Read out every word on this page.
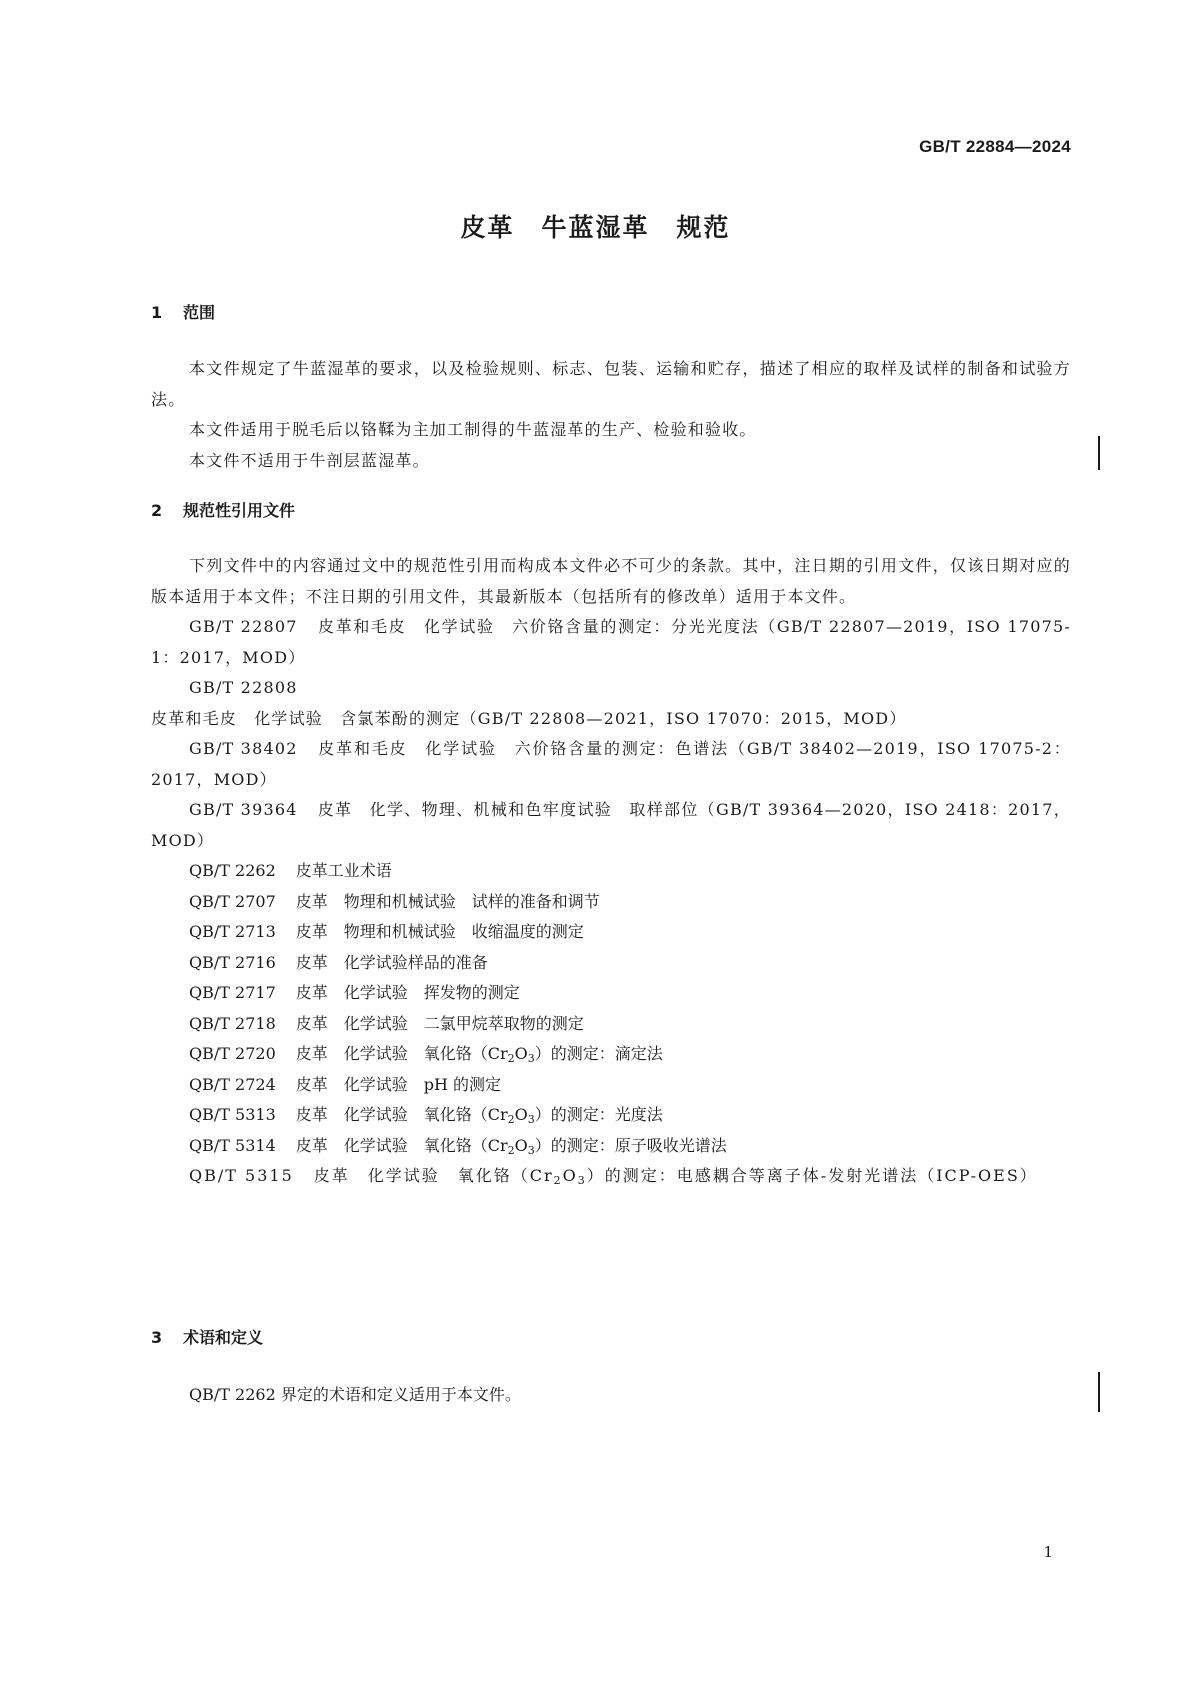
GB/T 22884—2024
皮革　牛蓝湿革　规范
1 范围

本文件规定了牛蓝湿革的要求，以及检验规则、标志、包装、运输和贮存，描述了相应的取样及试样的制备和试验方法。

本文件适用于脱毛后以铬鞣为主加工制得的牛蓝湿革的生产、检验和验收。

本文件不适用于牛剖层蓝湿革。

2 规范性引用文件

下列文件中的内容通过文中的规范性引用而构成本文件必不可少的条款。其中，注日期的引用文件，仅该日期对应的版本适用于本文件；不注日期的引用文件，其最新版本（包括所有的修改单）适用于本文件。

GB/T 22807 皮革和毛皮　化学试验　六价铬含量的测定：分光光度法（GB/T 22807—2019，ISO 17075-1：2017，MOD）

GB/T 22808皮革和毛皮　化学试验　含氯苯酚的测定（GB/T 22808—2021，ISO 17070：2015，MOD）

GB/T 38402 皮革和毛皮　化学试验　六价铬含量的测定：色谱法（GB/T 38402—2019，ISO 17075-2：2017，MOD）

GB/T 39364 皮革　化学、物理、机械和色牢度试验　取样部位（GB/T 39364—2020，ISO 2418：2017，MOD）

QB/T 2262 皮革工业术语

QB/T 2707 皮革　物理和机械试验　试样的准备和调节

QB/T 2713 皮革　物理和机械试验　收缩温度的测定

QB/T 2716 皮革　化学试验样品的准备

QB/T 2717 皮革　化学试验　挥发物的测定

QB/T 2718 皮革　化学试验　二氯甲烷萃取物的测定

QB/T 2720 皮革　化学试验　氧化铬$(Cr_2O_3)$的测定：滴定法

QB/T 2724 皮革　化学试验　pH 的测定

QB/T 5313 皮革　化学试验　氧化铬$(Cr_2O_3)$的测定：光度法

QB/T 5314 皮革　化学试验　氧化铬$(Cr_2O_3)$的测定：原子吸收光谱法

QB/T 5315 皮革　化学试验　氧化铬$(Cr_2O_3)$的测定：电感耦合等离子体-发射光谱法（ICP-OES）

3 术语和定义

QB/T 2262 界定的术语和定义适用于本文件。

1
